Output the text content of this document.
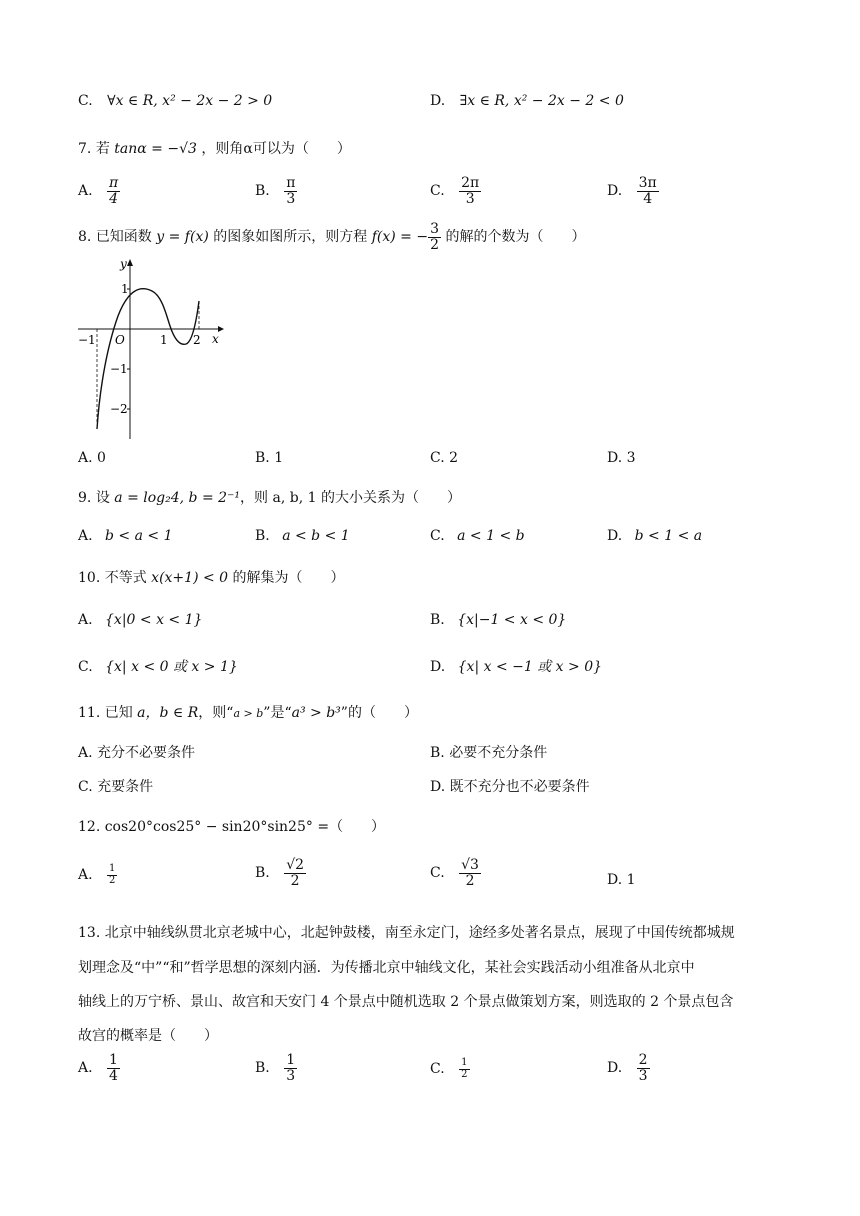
C. ∀x ∈ R, x² − 2x − 2 > 0	D. ∃x ∈ R, x² − 2x − 2 < 0
7. 若 tanα = −√3 ，则角α可以为（　　）
A. $\frac{\pi}{4}$	B. $\frac{\pi}{3}$	C. $\frac{2\pi}{3}$	D. $\frac{3\pi}{4}$
8. 已知函数 y = f(x) 的图象如图所示，则方程 f(x) = − $\frac{3}{2}$ 的解的个数为（　　）
y
x
O
1
−1
−2
−1	1 2
A. 0	B. 1	C. 2	D. 3
9. 设 a = log₂4, b = 2⁻¹，则 a, b, 1 的大小关系为（　　）
A. b < a < 1	B. a < b < 1	C. a < 1 < b	D. b < 1 < a
10. 不等式 x(x+1) < 0 的解集为（　　）
A. {x|0 < x < 1}	B. {x|−1 < x < 0}
C. {x| x < 0 或 x > 1}	D. {x| x < −1 或 x > 0}
11. 已知 a，b ∈ R，则“a > b”是“a³ > b³”的（　　）
A. 充分不必要条件	B. 必要不充分条件
C. 充要条件	D. 既不充分也不必要条件
12. cos20°cos25° − sin20°sin25° =（　　）
A. $\frac{1}{2}$	B. $\frac{√2}{2}$	C. $\frac{√3}{2}$	D. 1
13. 北京中轴线纵贯北京老城中心，北起钟鼓楼，南至永定门，途经多处著名景点，展现了中国传统都城规
划理念及“中”“和”哲学思想的深刻内涵．为传播北京中轴线文化，某社会实践活动小组准备从北京中
轴线上的万宁桥、景山、故宫和天安门 4 个景点中随机选取 2 个景点做策划方案，则选取的 2 个景点包含
故宫的概率是（　　）
A. $\frac{1}{4}$	B. $\frac{1}{3}$	C. $\frac{1}{2}$	D. $\frac{2}{3}$
